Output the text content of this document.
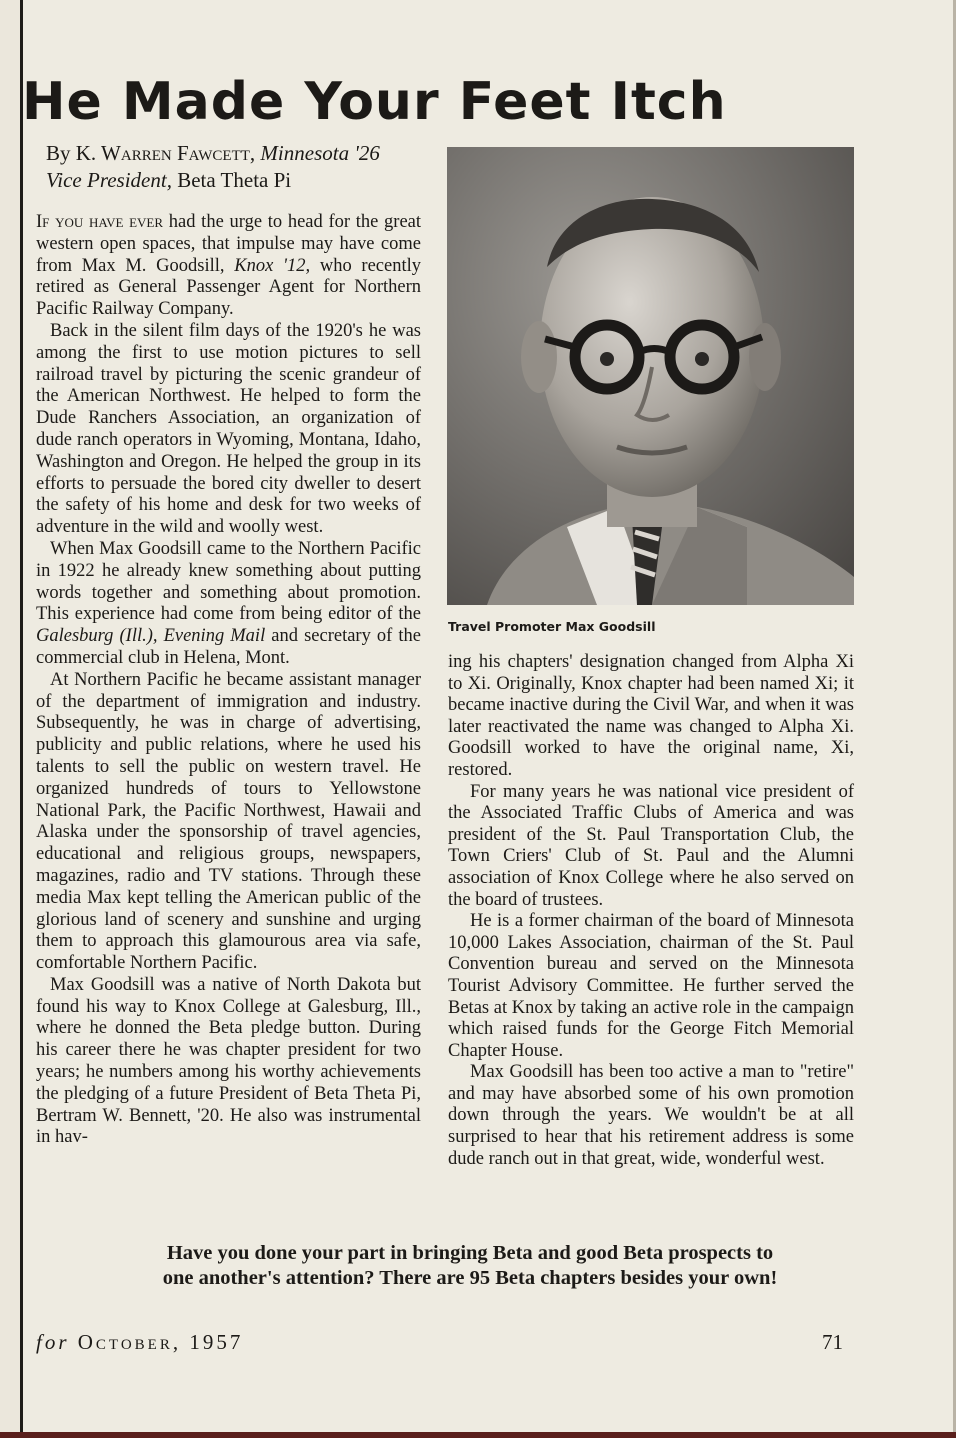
He Made Your Feet Itch
By K. Warren Fawcett, Minnesota '26
Vice President, Beta Theta Pi

If you have ever had the urge to head for the great western open spaces, that impulse may have come from Max M. Goodsill, Knox '12, who recently retired as General Passenger Agent for Northern Pacific Railway Company.

Back in the silent film days of the 1920's he was among the first to use motion pictures to sell railroad travel by picturing the scenic grandeur of the American Northwest. He helped to form the Dude Ranchers Association, an organization of dude ranch operators in Wyoming, Montana, Idaho, Washington and Oregon. He helped the group in its efforts to persuade the bored city dweller to desert the safety of his home and desk for two weeks of adventure in the wild and woolly west.

When Max Goodsill came to the Northern Pacific in 1922 he already knew something about putting words together and something about promotion. This experience had come from being editor of the Galesburg (Ill.), Evening Mail and secretary of the commercial club in Helena, Mont.

At Northern Pacific he became assistant manager of the department of immigration and industry. Subsequently, he was in charge of advertising, publicity and public relations, where he used his talents to sell the public on western travel. He organized hundreds of tours to Yellowstone National Park, the Pacific Northwest, Hawaii and Alaska under the sponsorship of travel agencies, educational and religious groups, newspapers, magazines, radio and TV stations. Through these media Max kept telling the American public of the glorious land of scenery and sunshine and urging them to approach this glamourous area via safe, comfortable Northern Pacific.

Max Goodsill was a native of North Dakota but found his way to Knox College at Galesburg, Ill., where he donned the Beta pledge button. During his career there he was chapter president for two years; he numbers among his worthy achievements the pledging of a future President of Beta Theta Pi, Bertram W. Bennett, '20. He also was instrumental in hav-

Travel Promoter Max Goodsill

ing his chapters' designation changed from Alpha Xi to Xi. Originally, Knox chapter had been named Xi; it became inactive during the Civil War, and when it was later reactivated the name was changed to Alpha Xi. Goodsill worked to have the original name, Xi, restored.

For many years he was national vice president of the Associated Traffic Clubs of America and was president of the St. Paul Transportation Club, the Town Criers' Club of St. Paul and the Alumni association of Knox College where he also served on the board of trustees.

He is a former chairman of the board of Minnesota 10,000 Lakes Association, chairman of the St. Paul Convention bureau and served on the Minnesota Tourist Advisory Committee. He further served the Betas at Knox by taking an active role in the campaign which raised funds for the George Fitch Memorial Chapter House.

Max Goodsill has been too active a man to "retire" and may have absorbed some of his own promotion down through the years. We wouldn't be at all surprised to hear that his retirement address is some dude ranch out in that great, wide, wonderful west.

Have you done your part in bringing Beta and good Beta prospects to
one another's attention? There are 95 Beta chapters besides your own!
for October, 1957	71
